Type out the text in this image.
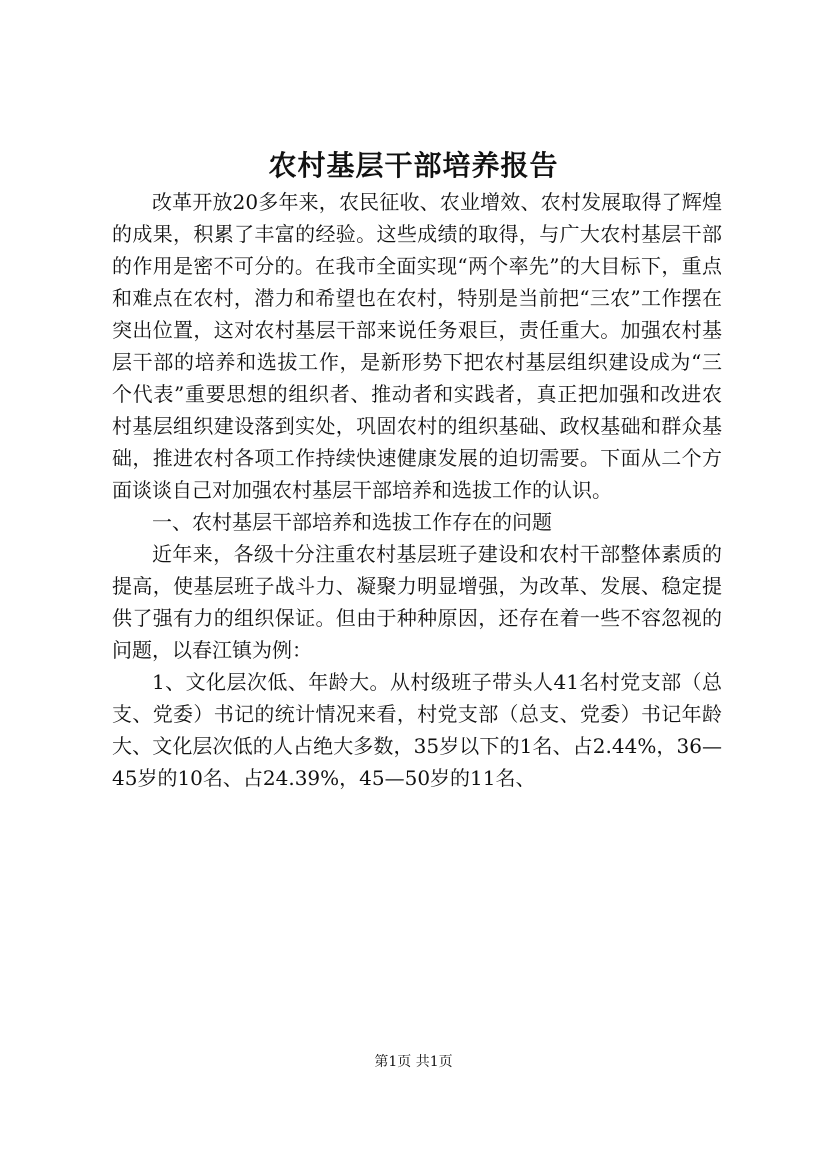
农村基层干部培养报告

改革开放20多年来，农民征收、农业增效、农村发展取得了辉煌的成果，积累了丰富的经验。这些成绩的取得，与广大农村基层干部的作用是密不可分的。在我市全面实现“两个率先”的大目标下，重点和难点在农村，潜力和希望也在农村，特别是当前把“三农”工作摆在突出位置，这对农村基层干部来说任务艰巨，责任重大。加强农村基层干部的培养和选拔工作，是新形势下把农村基层组织建设成为“三个代表”重要思想的组织者、推动者和实践者，真正把加强和改进农村基层组织建设落到实处，巩固农村的组织基础、政权基础和群众基础，推进农村各项工作持续快速健康发展的迫切需要。下面从二个方面谈谈自己对加强农村基层干部培养和选拔工作的认识。

一、农村基层干部培养和选拔工作存在的问题

近年来，各级十分注重农村基层班子建设和农村干部整体素质的提高，使基层班子战斗力、凝聚力明显增强，为改革、发展、稳定提供了强有力的组织保证。但由于种种原因，还存在着一些不容忽视的问题，以春江镇为例：

1、文化层次低、年龄大。从村级班子带头人41名村党支部（总支、党委）书记的统计情况来看，村党支部（总支、党委）书记年龄大、文化层次低的人占绝大多数，35岁以下的1名、占2.44%，36—45岁的10名、占24.39%，45—50岁的11名、

第1页 共1页
